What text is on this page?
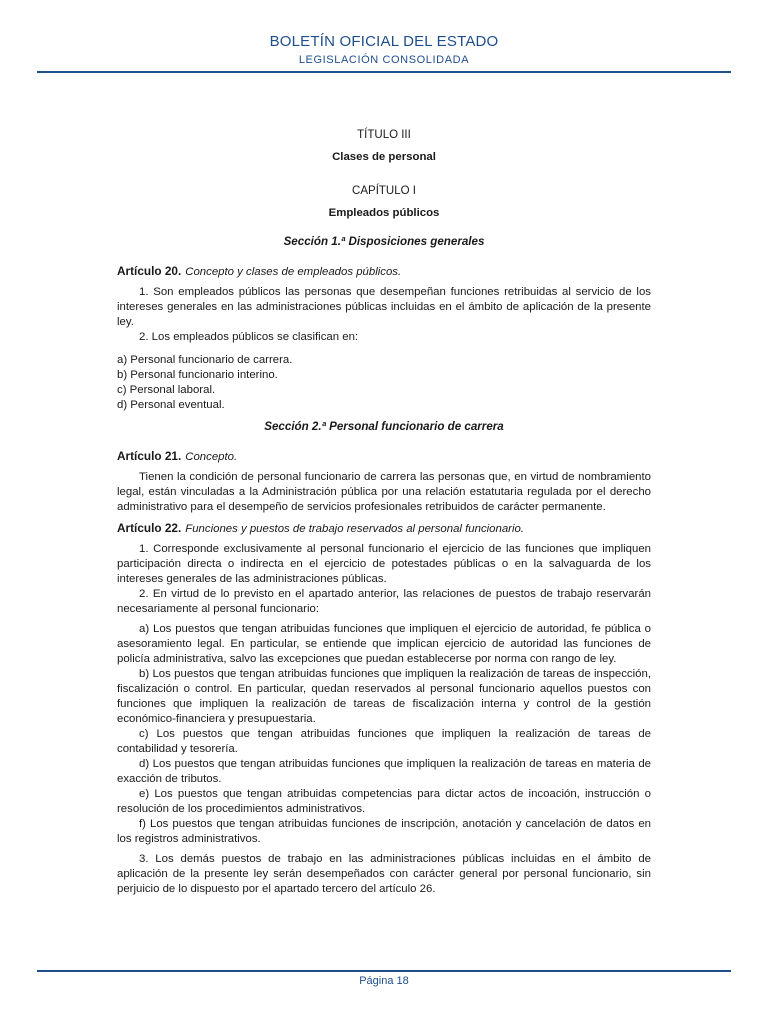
BOLETÍN OFICIAL DEL ESTADO
LEGISLACIÓN CONSOLIDADA
TÍTULO III
Clases de personal
CAPÍTULO I
Empleados públicos
Sección 1.ª Disposiciones generales
Artículo 20. Concepto y clases de empleados públicos.

1. Son empleados públicos las personas que desempeñan funciones retribuidas al servicio de los intereses generales en las administraciones públicas incluidas en el ámbito de aplicación de la presente ley.

2. Los empleados públicos se clasifican en:

a) Personal funcionario de carrera.

b) Personal funcionario interino.

c) Personal laboral.

d) Personal eventual.

Sección 2.ª Personal funcionario de carrera
Artículo 21. Concepto.

Tienen la condición de personal funcionario de carrera las personas que, en virtud de nombramiento legal, están vinculadas a la Administración pública por una relación estatutaria regulada por el derecho administrativo para el desempeño de servicios profesionales retribuidos de carácter permanente.

Artículo 22. Funciones y puestos de trabajo reservados al personal funcionario.

1. Corresponde exclusivamente al personal funcionario el ejercicio de las funciones que impliquen participación directa o indirecta en el ejercicio de potestades públicas o en la salvaguarda de los intereses generales de las administraciones públicas.

2. En virtud de lo previsto en el apartado anterior, las relaciones de puestos de trabajo reservarán necesariamente al personal funcionario:

a) Los puestos que tengan atribuidas funciones que impliquen el ejercicio de autoridad, fe pública o asesoramiento legal. En particular, se entiende que implican ejercicio de autoridad las funciones de policía administrativa, salvo las excepciones que puedan establecerse por norma con rango de ley.

b) Los puestos que tengan atribuidas funciones que impliquen la realización de tareas de inspección, fiscalización o control. En particular, quedan reservados al personal funcionario aquellos puestos con funciones que impliquen la realización de tareas de fiscalización interna y control de la gestión económico-financiera y presupuestaria.

c) Los puestos que tengan atribuidas funciones que impliquen la realización de tareas de contabilidad y tesorería.

d) Los puestos que tengan atribuidas funciones que impliquen la realización de tareas en materia de exacción de tributos.

e) Los puestos que tengan atribuidas competencias para dictar actos de incoación, instrucción o resolución de los procedimientos administrativos.

f) Los puestos que tengan atribuidas funciones de inscripción, anotación y cancelación de datos en los registros administrativos.

3. Los demás puestos de trabajo en las administraciones públicas incluidas en el ámbito de aplicación de la presente ley serán desempeñados con carácter general por personal funcionario, sin perjuicio de lo dispuesto por el apartado tercero del artículo 26.

Página 18
